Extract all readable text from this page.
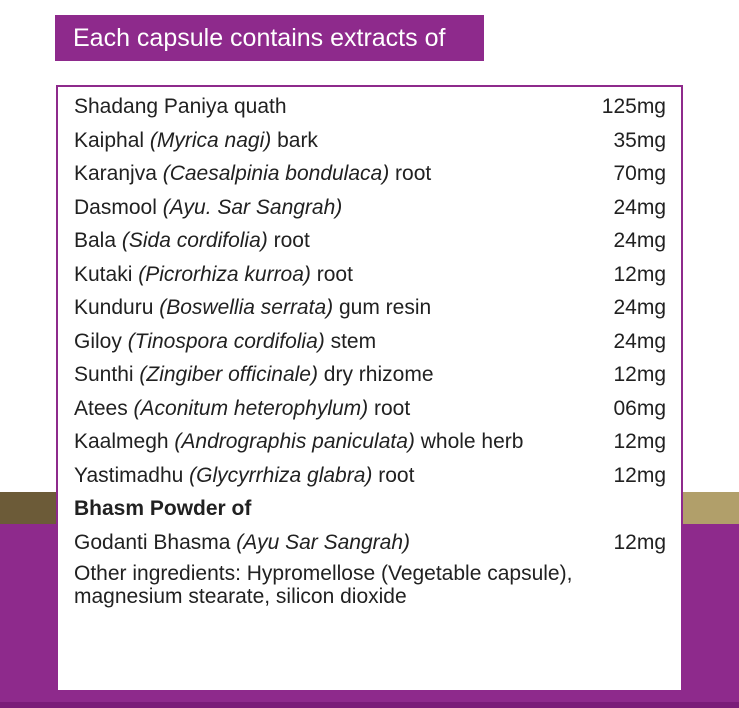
Each capsule contains extracts of
Shadang Paniya quath	125mg
Kaiphal (Myrica nagi) bark	35mg
Karanjva (Caesalpinia bondulaca) root	70mg
Dasmool (Ayu. Sar Sangrah)	24mg
Bala (Sida cordifolia) root	24mg
Kutaki (Picrorhiza kurroa) root	12mg
Kunduru (Boswellia serrata) gum resin	24mg
Giloy (Tinospora cordifolia) stem	24mg
Sunthi (Zingiber officinale) dry rhizome	12mg
Atees (Aconitum heterophylum) root	06mg
Kaalmegh (Andrographis paniculata) whole herb	12mg
Yastimadhu (Glycyrrhiza glabra) root	12mg
Bhasm Powder of
Godanti Bhasma (Ayu Sar Sangrah)	12mg
Other ingredients: Hypromellose (Vegetable capsule), magnesium stearate, silicon dioxide
